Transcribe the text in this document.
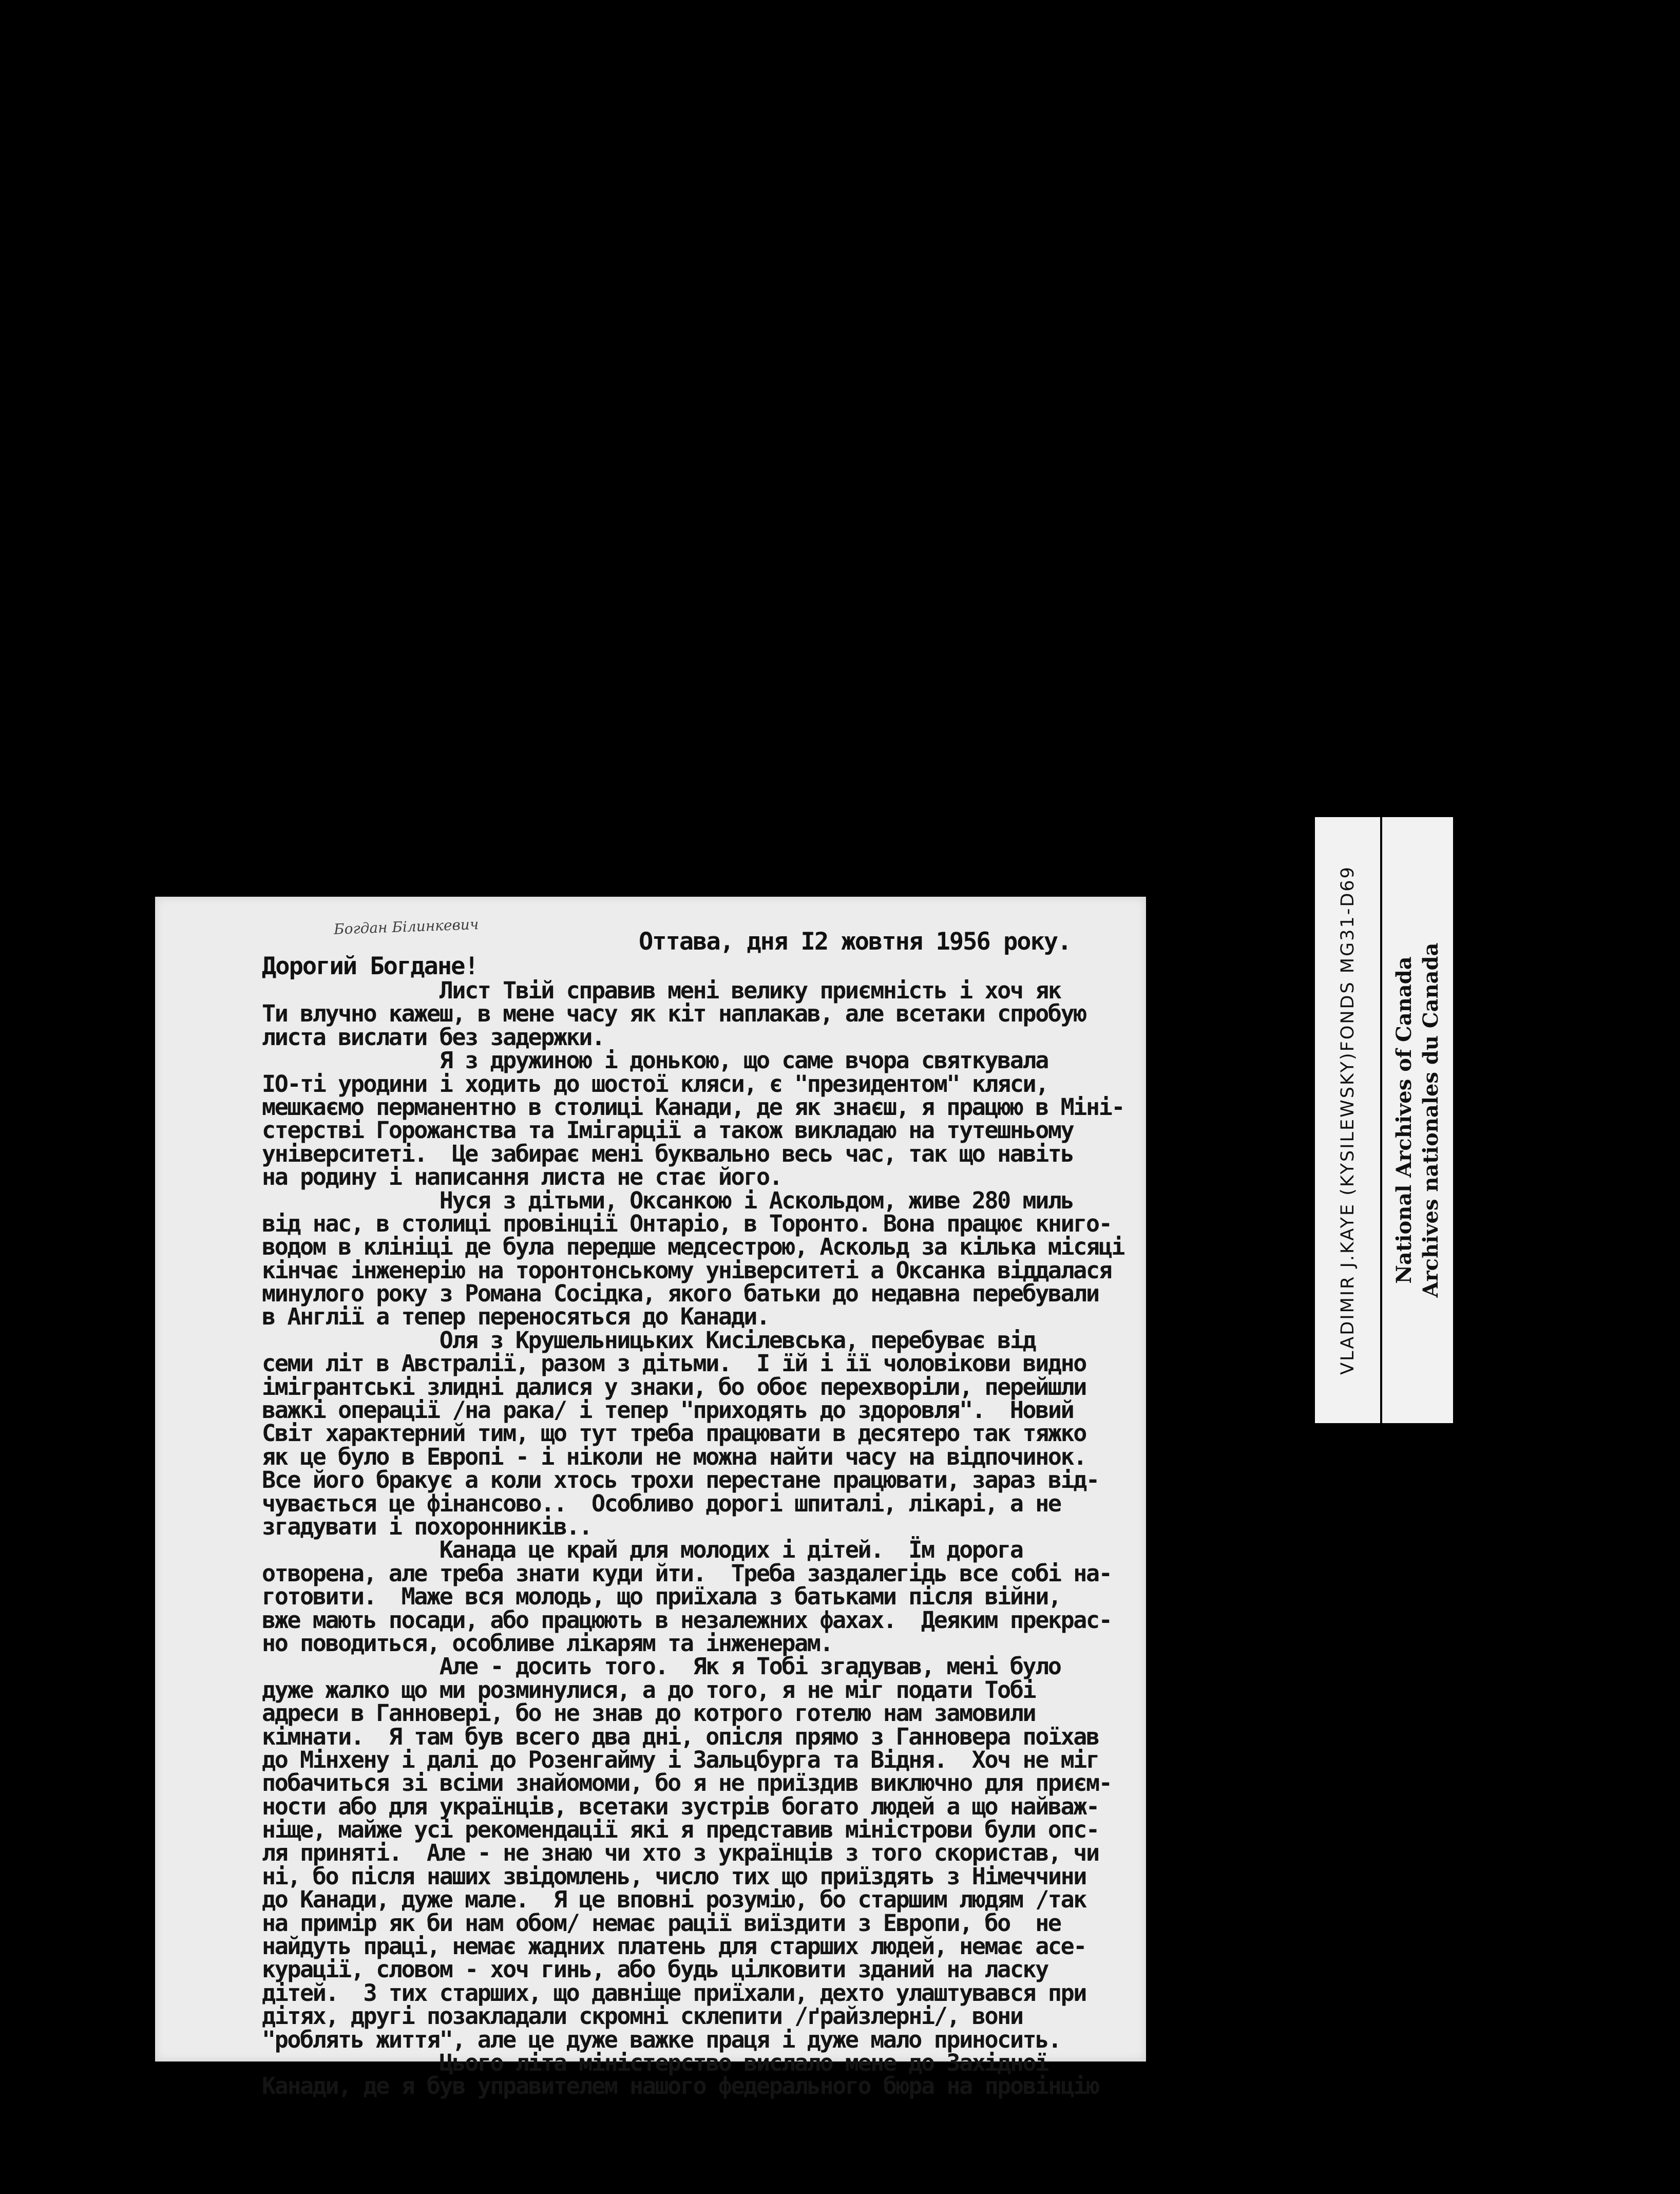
Богдан Білинкевич
Оттава, дня I2 жовтня 1956 року.
Дорогий Богдане!
Лист Твій справив мені велику приємність і хоч як
Ти влучно кажеш, в мене часу як кіт наплакав, але всетаки спробую
листа вислати без задержки.
Я з дружиною і донькою, що саме вчора святкувала
IO-ті уродини і ходить до шостої кляси, є "президентом" кляси,
мешкаємо перманентно в столиці Канади, де як знаєш, я працюю в Міні-
стерстві Горожанства та Імігарції а також викладаю на тутешньому
університеті.  Це забирає мені буквально весь час, так що навіть
на родину і написання листа не стає його.
Нуся з дітьми, Оксанкою і Аскольдом, живе 280 миль
від нас, в столиці провінції Онтаріо, в Торонто. Вона працює книго-
водом в клініці де була передше медсестрою, Аскольд за кілька місяці
кінчає інженерію на торонтонському університеті а Оксанка віддалася
минулого року з Романа Сосідка, якого батьки до недавна перебували
в Англії а тепер переносяться до Канади.
Оля з Крушельницьких Кисілевська, перебуває від
семи літ в Австралії, разом з дітьми.  І їй і її чоловікови видно
імігрантські злидні далися у знаки, бо обоє перехворіли, перейшли
важкі операції /на рака/ і тепер "приходять до здоровля".  Новий
Світ характерний тим, що тут треба працювати в десятеро так тяжко
як це було в Европі - і ніколи не можна найти часу на відпочинок.
Все його бракує а коли хтось трохи перестане працювати, зараз від-
чувається це фінансово..  Особливо дорогі шпиталі, лікарі, а не
згадувати і похоронників..
Канада це край для молодих і дітей.  Їм дорога
отворена, але треба знати куди йти.  Треба заздалегідь все собі на-
готовити.  Маже вся молодь, що приїхала з батьками після війни,
вже мають посади, або працюють в незалежних фахах.  Деяким прекрас-
но поводиться, особливе лікарям та інженерам.
Але - досить того.  Як я Тобі згадував, мені було
дуже жалко що ми розминулися, а до того, я не міг подати Тобі
адреси в Ганновері, бо не знав до котрого готелю нам замовили
кімнати.  Я там був всего два дні, опісля прямо з Ганновера поїхав
до Мінхену і далі до Розенгайму і Зальцбурга та Відня.  Хоч не міг
побачиться зі всіми знайомоми, бо я не приїздив виключно для приєм-
ности або для українців, всетаки зустрів богато людей а що найваж-
ніще, майже усі рекомендації які я представив міністрови були опс-
ля приняті.  Але - не знаю чи хто з українців з того скористав, чи
ні, бо після наших звідомлень, число тих що приїздять з Німеччини
до Канади, дуже мале.  Я це вповні розумію, бо старшим людям /так
на примір як би нам обом/ немає рації виїздити з Европи, бо  не
найдуть праці, немає жадних платень для старших людей, немає асе-
курації, словом - хоч гинь, або будь цілковити зданий на ласку
дітей.  З тих старших, що давніще приїхали, дехто улаштувався при
дітях, другі позакладали скромні склепити /ґрайзлерні/, вони
"роблять життя", але це дуже важке праця і дуже мало приносить.
Цього літа міністерство вислало мене до Західної
Канади, де я був управителем нашого федерального бюра на провінцію
VLADIMIR J.KAYE (KYSILEWSKY)FONDS MG31-D69 National Archives of Canada Archives nationales du Canada
